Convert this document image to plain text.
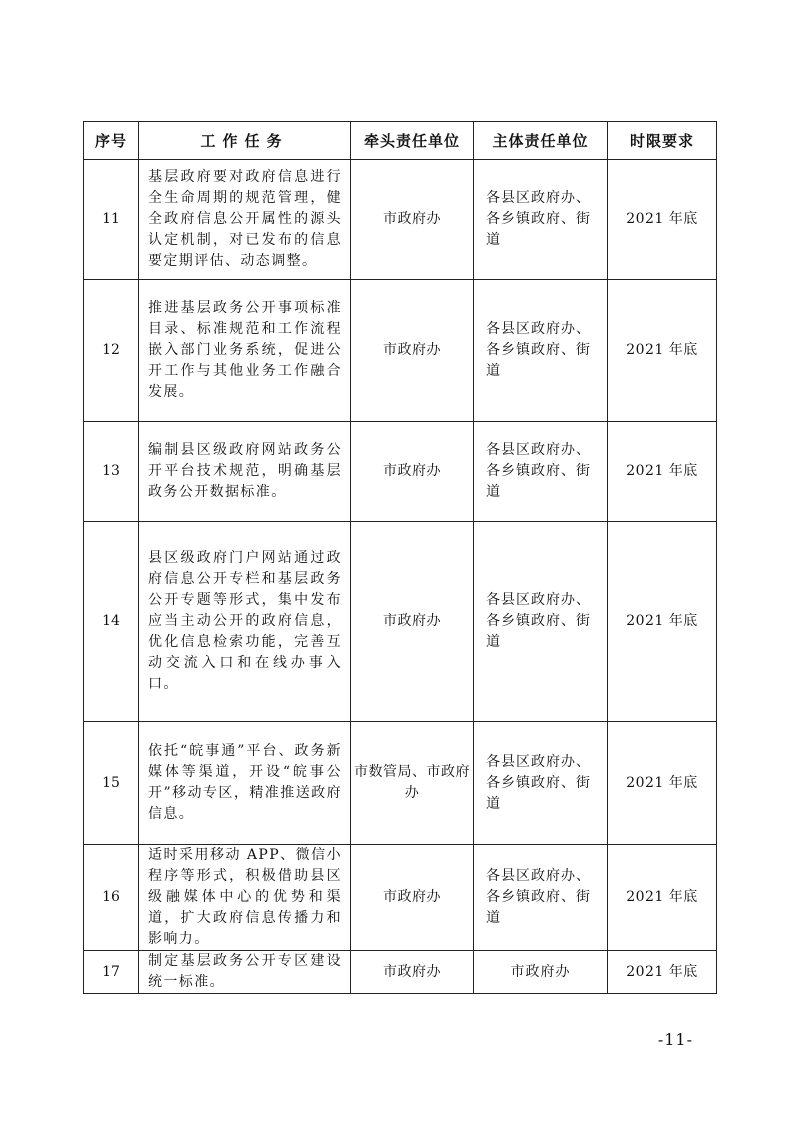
序号	工作任务	牵头责任单位	主体责任单位	时限要求
11	基层政府要对政府信息进行全生命周期的规范管理，健全政府信息公开属性的源头认定机制，对已发布的信息要定期评估、动态调整。	市政府办	各县区政府办、各乡镇政府、街道	2021 年底
12	推进基层政务公开事项标准目录、标准规范和工作流程嵌入部门业务系统，促进公开工作与其他业务工作融合发展。	市政府办	各县区政府办、各乡镇政府、街道	2021 年底
13	编制县区级政府网站政务公开平台技术规范，明确基层政务公开数据标准。	市政府办	各县区政府办、各乡镇政府、街道	2021 年底
14	县区级政府门户网站通过政府信息公开专栏和基层政务公开专题等形式，集中发布应当主动公开的政府信息，优化信息检索功能，完善互动交流入口和在线办事入口。	市政府办	各县区政府办、各乡镇政府、街道	2021 年底
15	依托“皖事通”平台、政务新媒体等渠道，开设“皖事公开”移动专区，精准推送政府信息。	市数管局、市政府办	各县区政府办、各乡镇政府、街道	2021 年底
16	适时采用移动 APP、微信小程序等形式，积极借助县区级融媒体中心的优势和渠道，扩大政府信息传播力和影响力。	市政府办	各县区政府办、各乡镇政府、街道	2021 年底
17	制定基层政务公开专区建设统一标准。	市政府办	市政府办	2021 年底
-11-
